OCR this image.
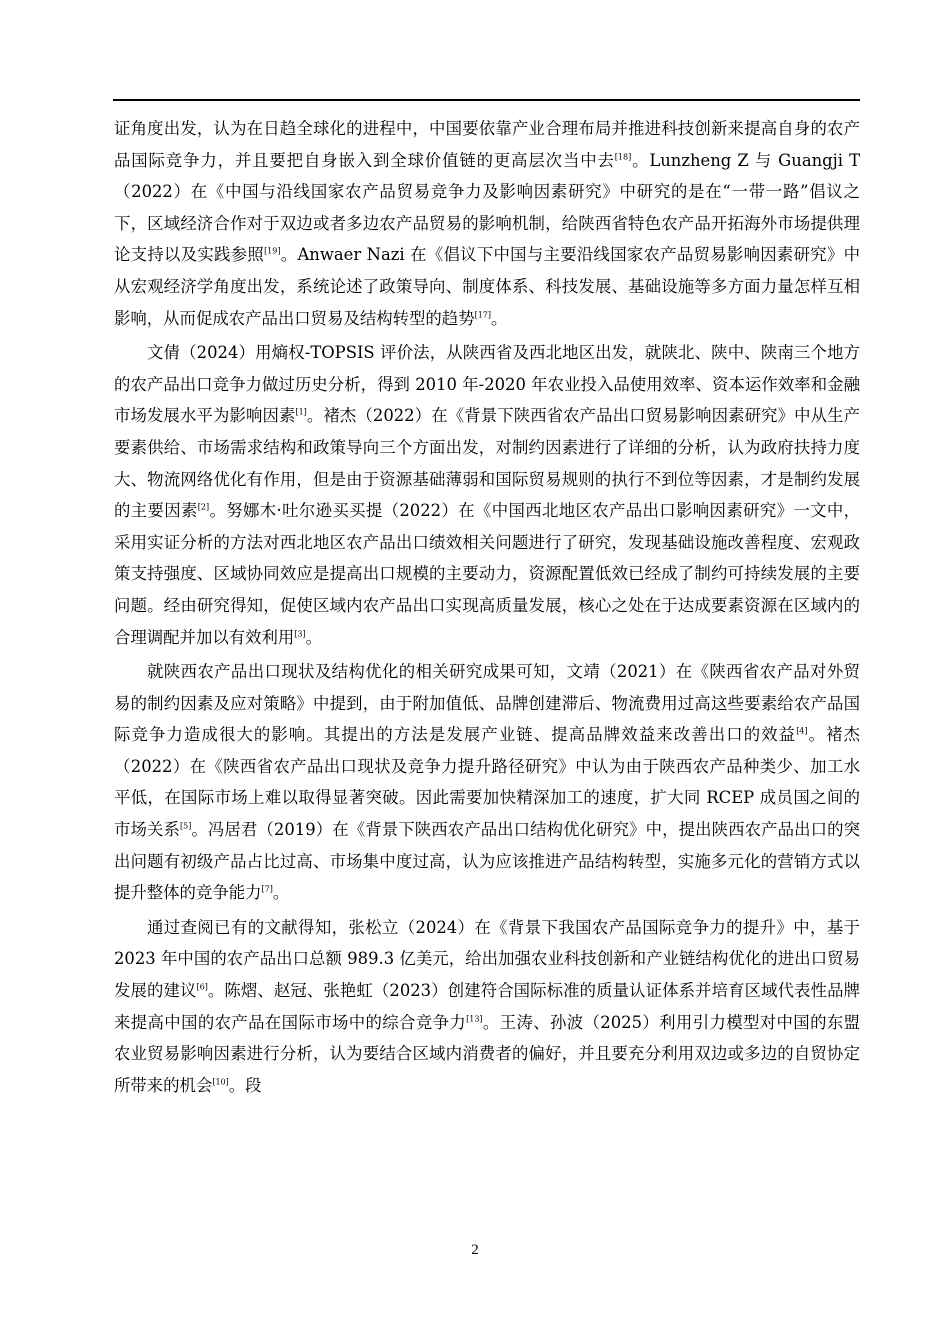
证角度出发，认为在日趋全球化的进程中，中国要依靠产业合理布局并推进科技创新来提高自身的农产品国际竞争力，并且要把自身嵌入到全球价值链的更高层次当中去[18]。Lunzheng Z 与 Guangji T（2022）在《中国与沿线国家农产品贸易竞争力及影响因素研究》中研究的是在“一带一路”倡议之下，区域经济合作对于双边或者多边农产品贸易的影响机制，给陕西省特色农产品开拓海外市场提供理论支持以及实践参照[19]。Anwaer Nazi 在《倡议下中国与主要沿线国家农产品贸易影响因素研究》中从宏观经济学角度出发，系统论述了政策导向、制度体系、科技发展、基础设施等多方面力量怎样互相影响，从而促成农产品出口贸易及结构转型的趋势[17]。

文倩（2024）用熵权-TOPSIS 评价法，从陕西省及西北地区出发，就陕北、陕中、陕南三个地方的农产品出口竞争力做过历史分析，得到 2010 年-2020 年农业投入品使用效率、资本运作效率和金融市场发展水平为影响因素[1]。褚杰（2022）在《背景下陕西省农产品出口贸易影响因素研究》中从生产要素供给、市场需求结构和政策导向三个方面出发，对制约因素进行了详细的分析，认为政府扶持力度大、物流网络优化有作用，但是由于资源基础薄弱和国际贸易规则的执行不到位等因素，才是制约发展的主要因素[2]。努娜木·吐尔逊买买提（2022）在《中国西北地区农产品出口影响因素研究》一文中，采用实证分析的方法对西北地区农产品出口绩效相关问题进行了研究，发现基础设施改善程度、宏观政策支持强度、区域协同效应是提高出口规模的主要动力，资源配置低效已经成了制约可持续发展的主要问题。经由研究得知，促使区域内农产品出口实现高质量发展，核心之处在于达成要素资源在区域内的合理调配并加以有效利用[3]。

就陕西农产品出口现状及结构优化的相关研究成果可知，文靖（2021）在《陕西省农产品对外贸易的制约因素及应对策略》中提到，由于附加值低、品牌创建滞后、物流费用过高这些要素给农产品国际竞争力造成很大的影响。其提出的方法是发展产业链、提高品牌效益来改善出口的效益[4]。褚杰（2022）在《陕西省农产品出口现状及竞争力提升路径研究》中认为由于陕西农产品种类少、加工水平低，在国际市场上难以取得显著突破。因此需要加快精深加工的速度，扩大同 RCEP 成员国之间的市场关系[5]。冯居君（2019）在《背景下陕西农产品出口结构优化研究》中，提出陕西农产品出口的突出问题有初级产品占比过高、市场集中度过高，认为应该推进产品结构转型，实施多元化的营销方式以提升整体的竞争能力[7]。

通过查阅已有的文献得知，张松立（2024）在《背景下我国农产品国际竞争力的提升》中，基于 2023 年中国的农产品出口总额 989.3 亿美元，给出加强农业科技创新和产业链结构优化的进出口贸易发展的建议[6]。陈熠、赵冠、张艳虹（2023）创建符合国际标准的质量认证体系并培育区域代表性品牌来提高中国的农产品在国际市场中的综合竞争力[13]。王涛、孙波（2025）利用引力模型对中国的东盟农业贸易影响因素进行分析，认为要结合区域内消费者的偏好，并且要充分利用双边或多边的自贸协定所带来的机会[10]。段

2
